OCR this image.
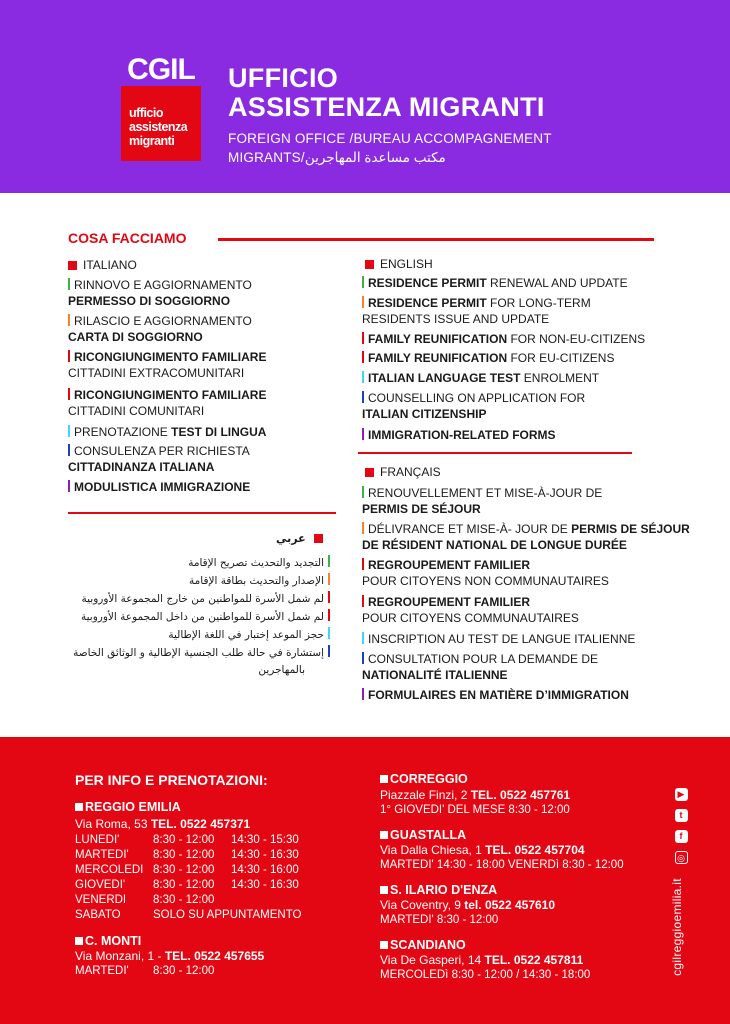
CGIL
ufficio
assistenza
migranti
UFFICIO
ASSISTENZA MIGRANTI
FOREIGN OFFICE /BUREAU ACCOMPAGNEMENT
MIGRANTS/مكتب مساعدة المهاجرين
COSA FACCIAMO
ITALIANO
RINNOVO E AGGIORNAMENTO
PERMESSO DI SOGGIORNO
RILASCIO E AGGIORNAMENTO
CARTA DI SOGGIORNO
RICONGIUNGIMENTO FAMILIARE
CITTADINI EXTRACOMUNITARI
RICONGIUNGIMENTO FAMILIARE
CITTADINI COMUNITARI
PRENOTAZIONE TEST DI LINGUA
CONSULENZA PER RICHIESTA
CITTADINANZA ITALIANA
MODULISTICA IMMIGRAZIONE
عربي
التجديد والتحديث تصريح الإقامة
الإصدار والتحديث بطاقة الإقامة
لم شمل الأسرة للمواطنين من خارج المجموعة الأوروبية
لم شمل الأسرة للمواطنين من داخل المجموعة الأوروبية
حجز الموعد إختبار في اللغة الإطالية
إستشارة في حالة طلب الجنسية الإطالية و الوثائق الخاصة
بالمهاجرين
ENGLISH
RESIDENCE PERMIT RENEWAL AND UPDATE
RESIDENCE PERMIT FOR LONG-TERM
RESIDENTS ISSUE AND UPDATE
FAMILY REUNIFICATION FOR NON-EU-CITIZENS
FAMILY REUNIFICATION FOR EU-CITIZENS
ITALIAN LANGUAGE TEST ENROLMENT
COUNSELLING ON APPLICATION FOR
ITALIAN CITIZENSHIP
IMMIGRATION-RELATED FORMS
FRANÇAIS
RENOUVELLEMENT ET MISE-À-JOUR DE
PERMIS DE SÉJOUR
DÉLIVRANCE ET MISE-À- JOUR DE PERMIS DE SÉJOUR
DE RÉSIDENT NATIONAL DE LONGUE DURÉE
REGROUPEMENT FAMILIER
POUR CITOYENS NON COMMUNAUTAIRES
REGROUPEMENT FAMILIER
POUR CITOYENS COMMUNAUTAIRES
INSCRIPTION AU TEST DE LANGUE ITALIENNE
CONSULTATION POUR LA DEMANDE DE
NATIONALITÉ ITALIENNE
FORMULAIRES EN MATIÈRE D’IMMIGRATION
PER INFO E PRENOTAZIONI:
REGGIO EMILIA
Via Roma, 53 TEL. 0522 457371
LUNEDI'	8:30 - 12:00	14:30 - 15:30
MARTEDI'	8:30 - 12:00	14:30 - 16:30
MERCOLEDI 8:30 - 12:00	14:30 - 16:00
GIOVEDI'	8:30 - 12:00	14:30 - 16:30
VENERDI	8:30 - 12:00
SABATO	SOLO SU APPUNTAMENTO
C. MONTI
Via Monzani, 1 - TEL. 0522 457655
MARTEDI'	8:30 - 12:00
CORREGGIO
Piazzale Finzi, 2 TEL. 0522 457761
1° GIOVEDI' DEL MESE 8:30 - 12:00
GUASTALLA
Via Dalla Chiesa, 1 TEL. 0522 457704
MARTEDI' 14:30 - 18:00 VENERDì 8:30 - 12:00
S. ILARIO D'ENZA
Via Coventry, 9 tel. 0522 457610
MARTEDI' 8:30 - 12:00
SCANDIANO
Via De Gasperi, 14 TEL. 0522 457811
MERCOLEDì 8:30 - 12:00 / 14:30 - 18:00
▶
t
f
◎
cgilreggioemilia.it
